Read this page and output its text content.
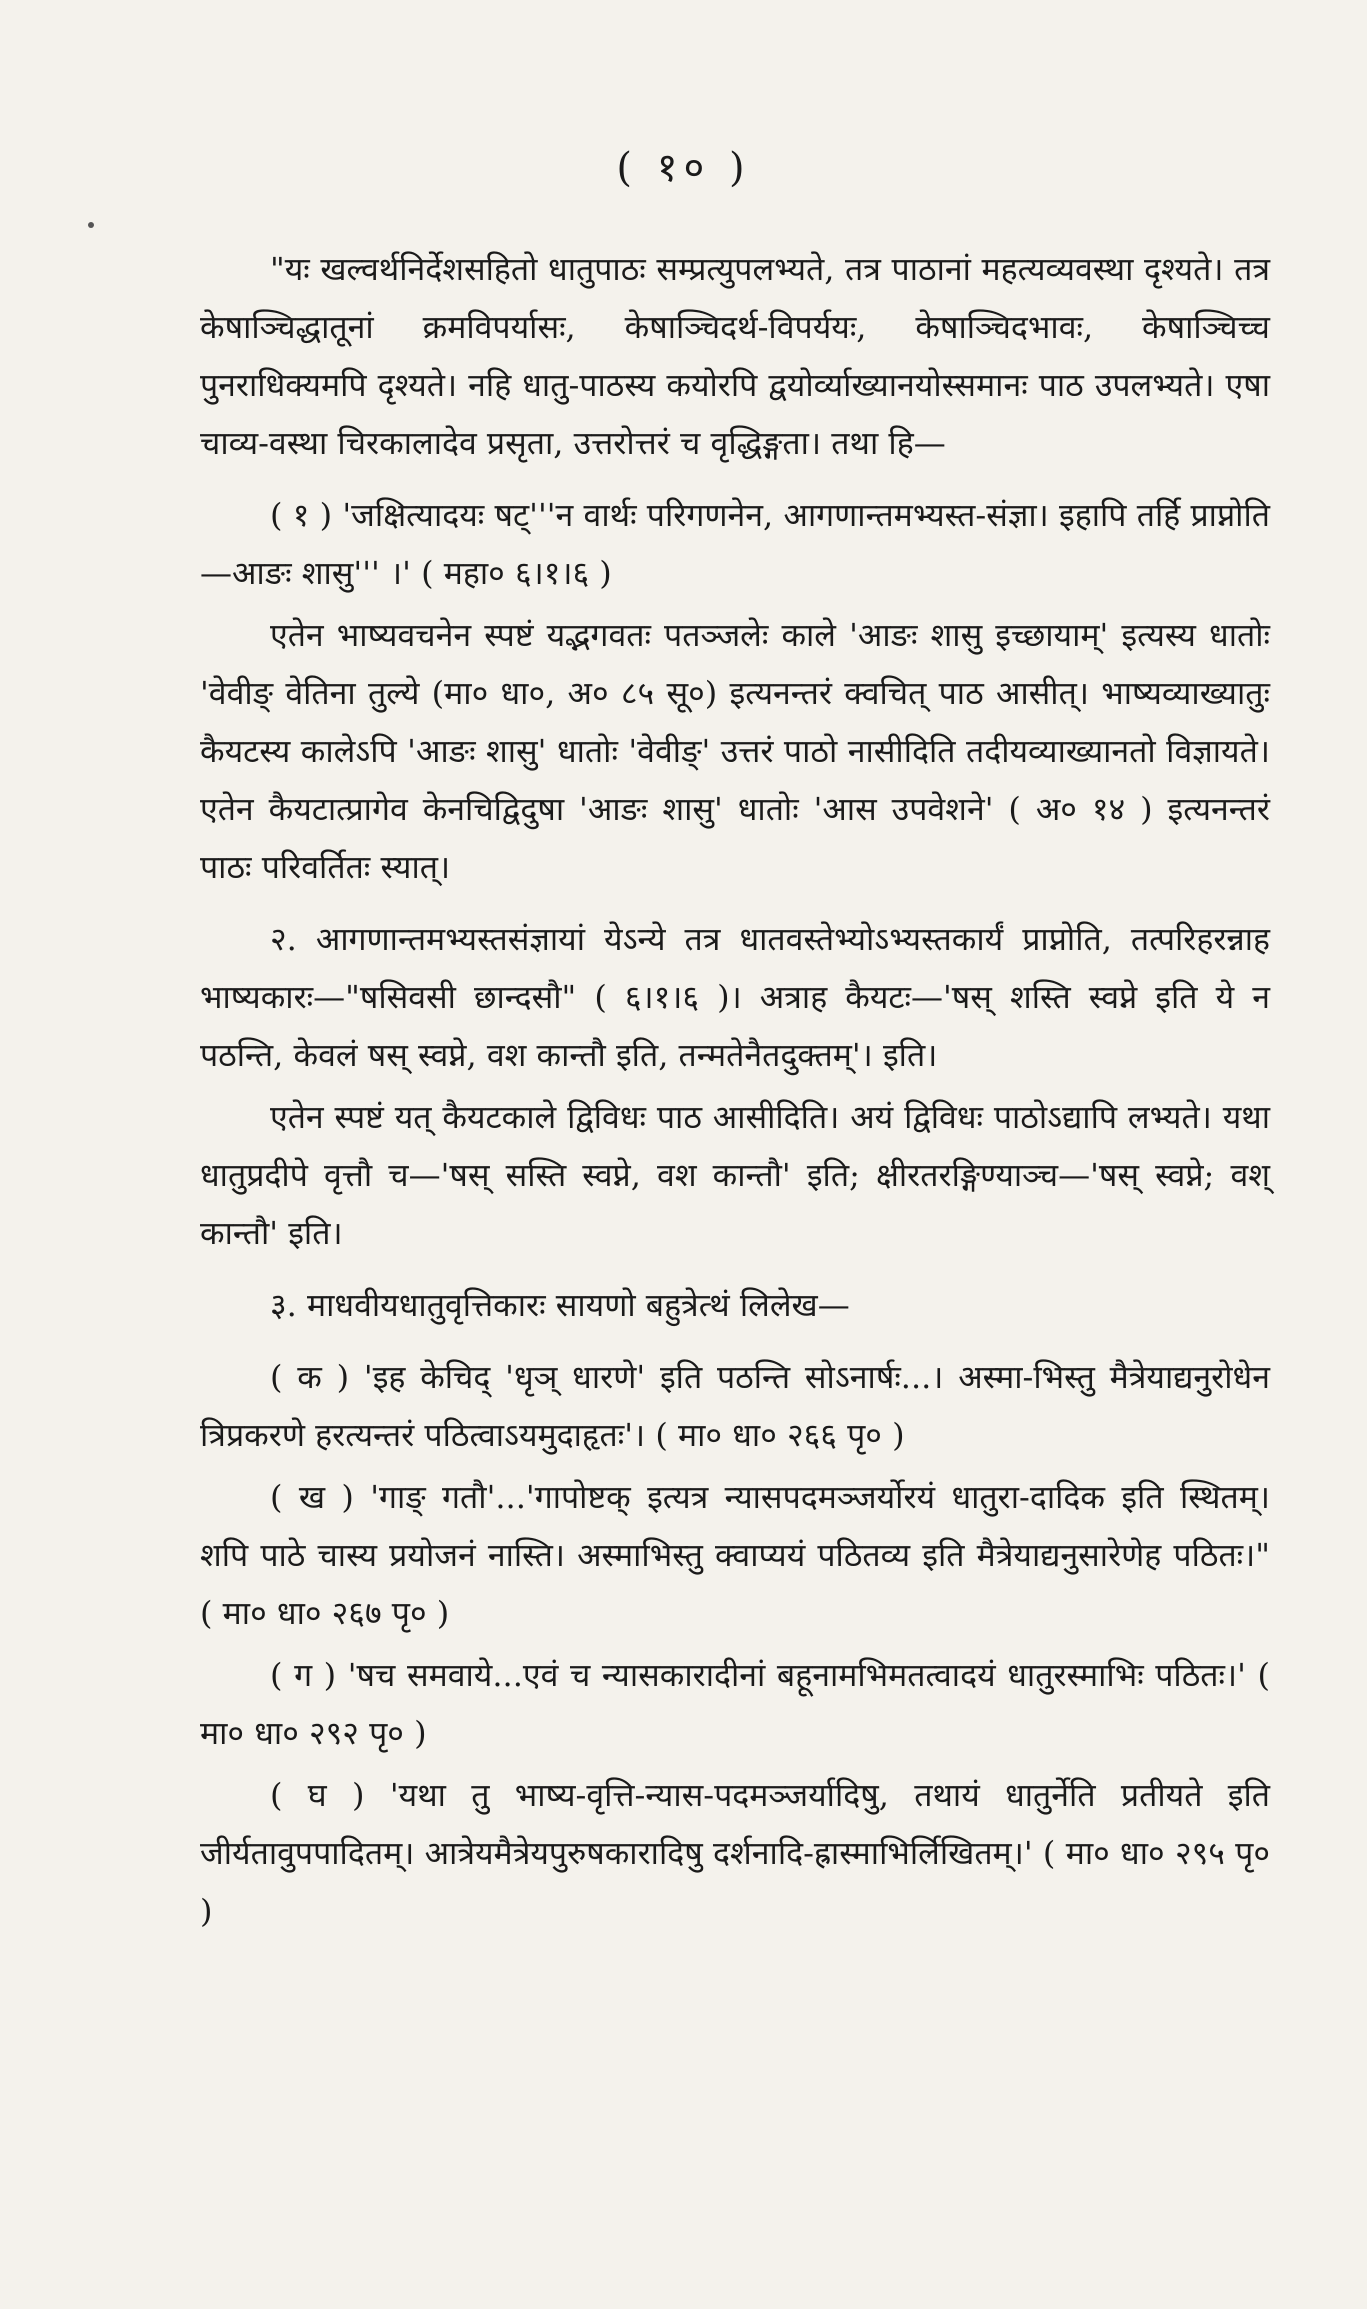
( १० )

"यः खल्वर्थनिर्देशसहितो धातुपाठः सम्प्रत्युपलभ्यते, तत्र पाठानां महत्यव्यवस्था दृश्यते। तत्र केषाञ्चिद्धातूनां क्रमविपर्यासः, केषाञ्चिदर्थ-विपर्ययः, केषाञ्चिदभावः, केषाञ्चिच्च पुनराधिक्यमपि दृश्यते। नहि धातु-पाठस्य कयोरपि द्वयोर्व्याख्यानयोस्समानः पाठ उपलभ्यते। एषा चाव्य-वस्था चिरकालादेव प्रसृता, उत्तरोत्तरं च वृद्धिङ्गता। तथा हि—

( १ ) 'जक्षित्यादयः षट्'''न वार्थः परिगणनेन, आगणान्तमभ्यस्त-संज्ञा। इहापि तर्हि प्राप्नोति—आङः शासु''' ।' ( महा० ६।१।६ )

एतेन भाष्यवचनेन स्पष्टं यद्भगवतः पतञ्जलेः काले 'आङः शासु इच्छायाम्' इत्यस्य धातोः 'वेवीङ् वेतिना तुल्ये (मा० धा०, अ० ८५ सू०) इत्यनन्तरं क्वचित् पाठ आसीत्। भाष्यव्याख्यातुः कैयटस्य कालेऽपि 'आङः शासु' धातोः 'वेवीङ्' उत्तरं पाठो नासीदिति तदीयव्याख्यानतो विज्ञायते। एतेन कैयटात्प्रागेव केनचिद्विदुषा 'आङः शासु' धातोः 'आस उपवेशने' ( अ० १४ ) इत्यनन्तरं पाठः परिवर्तितः स्यात्।

२. आगणान्तमभ्यस्तसंज्ञायां येऽन्ये तत्र धातवस्तेभ्योऽभ्यस्तकार्यं प्राप्नोति, तत्परिहरन्नाह भाष्यकारः—"षसिवसी छान्दसौ" ( ६।१।६ )। अत्राह कैयटः—'षस् शस्ति स्वप्ने इति ये न पठन्ति, केवलं षस् स्वप्ने, वश कान्तौ इति, तन्मतेनैतदुक्तम्'। इति।

एतेन स्पष्टं यत् कैयटकाले द्विविधः पाठ आसीदिति। अयं द्विविधः पाठोऽद्यापि लभ्यते। यथा धातुप्रदीपे वृत्तौ च—'षस् सस्ति स्वप्ने, वश कान्तौ' इति; क्षीरतरङ्गिण्याञ्च—'षस् स्वप्ने; वश् कान्तौ' इति।

३. माधवीयधातुवृत्तिकारः सायणो बहुत्रेत्थं लिलेख—

( क ) 'इह केचिद् 'धृञ् धारणे' इति पठन्ति सोऽनार्षः...। अस्मा-भिस्तु मैत्रेयाद्यनुरोधेन त्रिप्रकरणे हरत्यन्तरं पठित्वाऽयमुदाहृतः'। ( मा० धा० २६६ पृ० )

( ख ) 'गाङ् गतौ'...'गापोष्टक् इत्यत्र न्यासपदमञ्जर्योरयं धातुरा-दादिक इति स्थितम्। शपि पाठे चास्य प्रयोजनं नास्ति। अस्माभिस्तु क्वाप्ययं पठितव्य इति मैत्रेयाद्यनुसारेणेह पठितः।" ( मा० धा० २६७ पृ० )

( ग ) 'षच समवाये...एवं च न्यासकारादीनां बहूनामभिमतत्वादयं धातुरस्माभिः पठितः।' ( मा० धा० २९२ पृ० )

( घ ) 'यथा तु भाष्य-वृत्ति-न्यास-पदमञ्जर्यादिषु, तथायं धातुर्नेति प्रतीयते इति जीर्यतावुपपादितम्। आत्रेयमैत्रेयपुरुषकारादिषु दर्शनादि-ह्रास्माभिर्लिखितम्।' ( मा० धा० २९५ पृ० )
